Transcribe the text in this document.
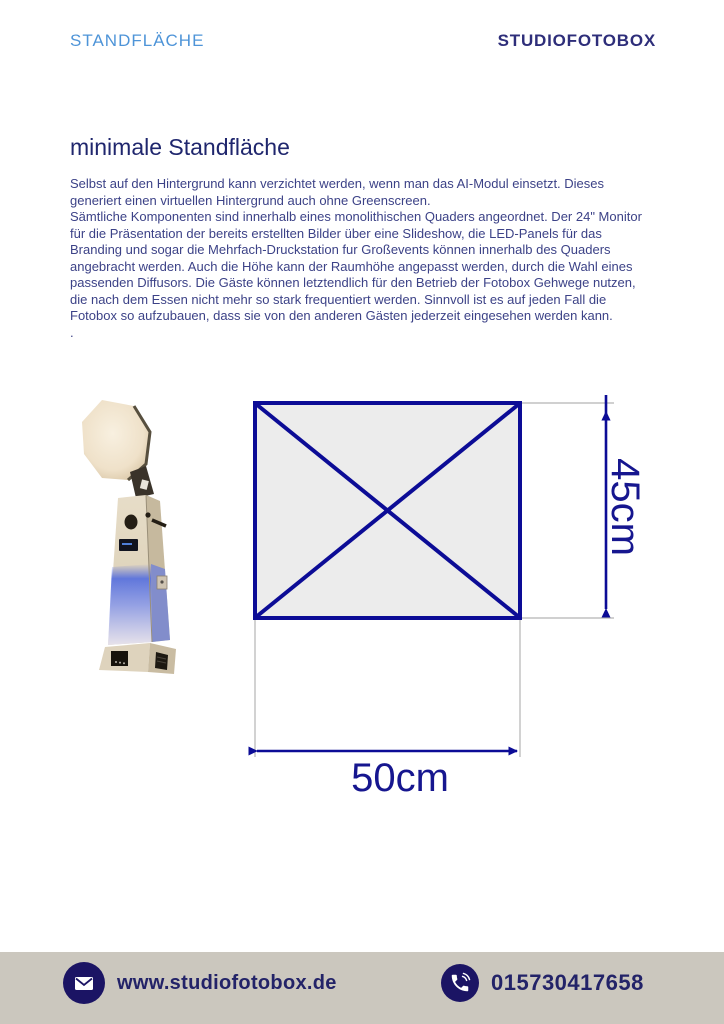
STANDFLÄCHE	STUDIOFOTOBOX
minimale Standfläche

Selbst auf den Hintergrund kann verzichtet werden, wenn man das AI-Modul einsetzt. Dieses generiert einen virtuellen Hintergrund auch ohne Greenscreen.

Sämtliche Komponenten sind innerhalb eines monolithischen Quaders angeordnet. Der 24" Monitor für die Präsentation der bereits erstellten Bilder über eine Slideshow, die LED-Panels für das Branding und sogar die Mehrfach-Druckstation fur Großevents können innerhalb des Quaders angebracht werden. Auch die Höhe kann der Raumhöhe angepasst werden, durch die Wahl eines passenden Diffusors. Die Gäste können letztendlich für den Betrieb der Fotobox Gehwege nutzen, die nach dem Essen nicht mehr so stark frequentiert werden. Sinnvoll ist es auf jeden Fall die Fotobox so aufzubauen, dass sie von den anderen Gästen jederzeit eingesehen werden kann.

.

45cm
50cm
www.studiofotobox.de	015730417658
